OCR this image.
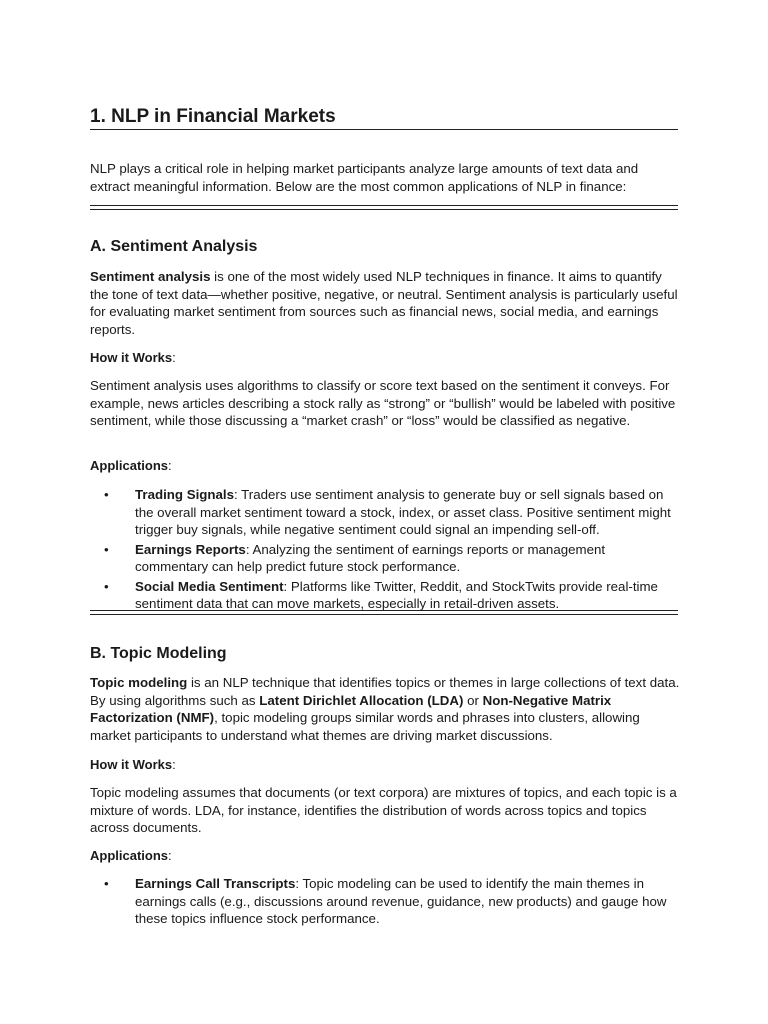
1. NLP in Financial Markets

NLP plays a critical role in helping market participants analyze large amounts of text data and extract meaningful information. Below are the most common applications of NLP in finance:

A. Sentiment Analysis

Sentiment analysis is one of the most widely used NLP techniques in finance. It aims to quantify the tone of text data—whether positive, negative, or neutral. Sentiment analysis is particularly useful for evaluating market sentiment from sources such as financial news, social media, and earnings reports.

How it Works:

Sentiment analysis uses algorithms to classify or score text based on the sentiment it conveys. For example, news articles describing a stock rally as “strong” or “bullish” would be labeled with positive sentiment, while those discussing a “market crash” or “loss” would be classified as negative.

Applications:

• Trading Signals: Traders use sentiment analysis to generate buy or sell signals based on the overall market sentiment toward a stock, index, or asset class. Positive sentiment might trigger buy signals, while negative sentiment could signal an impending sell-off.
• Earnings Reports: Analyzing the sentiment of earnings reports or management commentary can help predict future stock performance.
• Social Media Sentiment: Platforms like Twitter, Reddit, and StockTwits provide real-time sentiment data that can move markets, especially in retail-driven assets.
B. Topic Modeling

Topic modeling is an NLP technique that identifies topics or themes in large collections of text data. By using algorithms such as Latent Dirichlet Allocation (LDA) or Non-Negative Matrix Factorization (NMF), topic modeling groups similar words and phrases into clusters, allowing market participants to understand what themes are driving market discussions.

How it Works:

Topic modeling assumes that documents (or text corpora) are mixtures of topics, and each topic is a mixture of words. LDA, for instance, identifies the distribution of words across topics and topics across documents.

Applications:

• Earnings Call Transcripts: Topic modeling can be used to identify the main themes in earnings calls (e.g., discussions around revenue, guidance, new products) and gauge how these topics influence stock performance.
